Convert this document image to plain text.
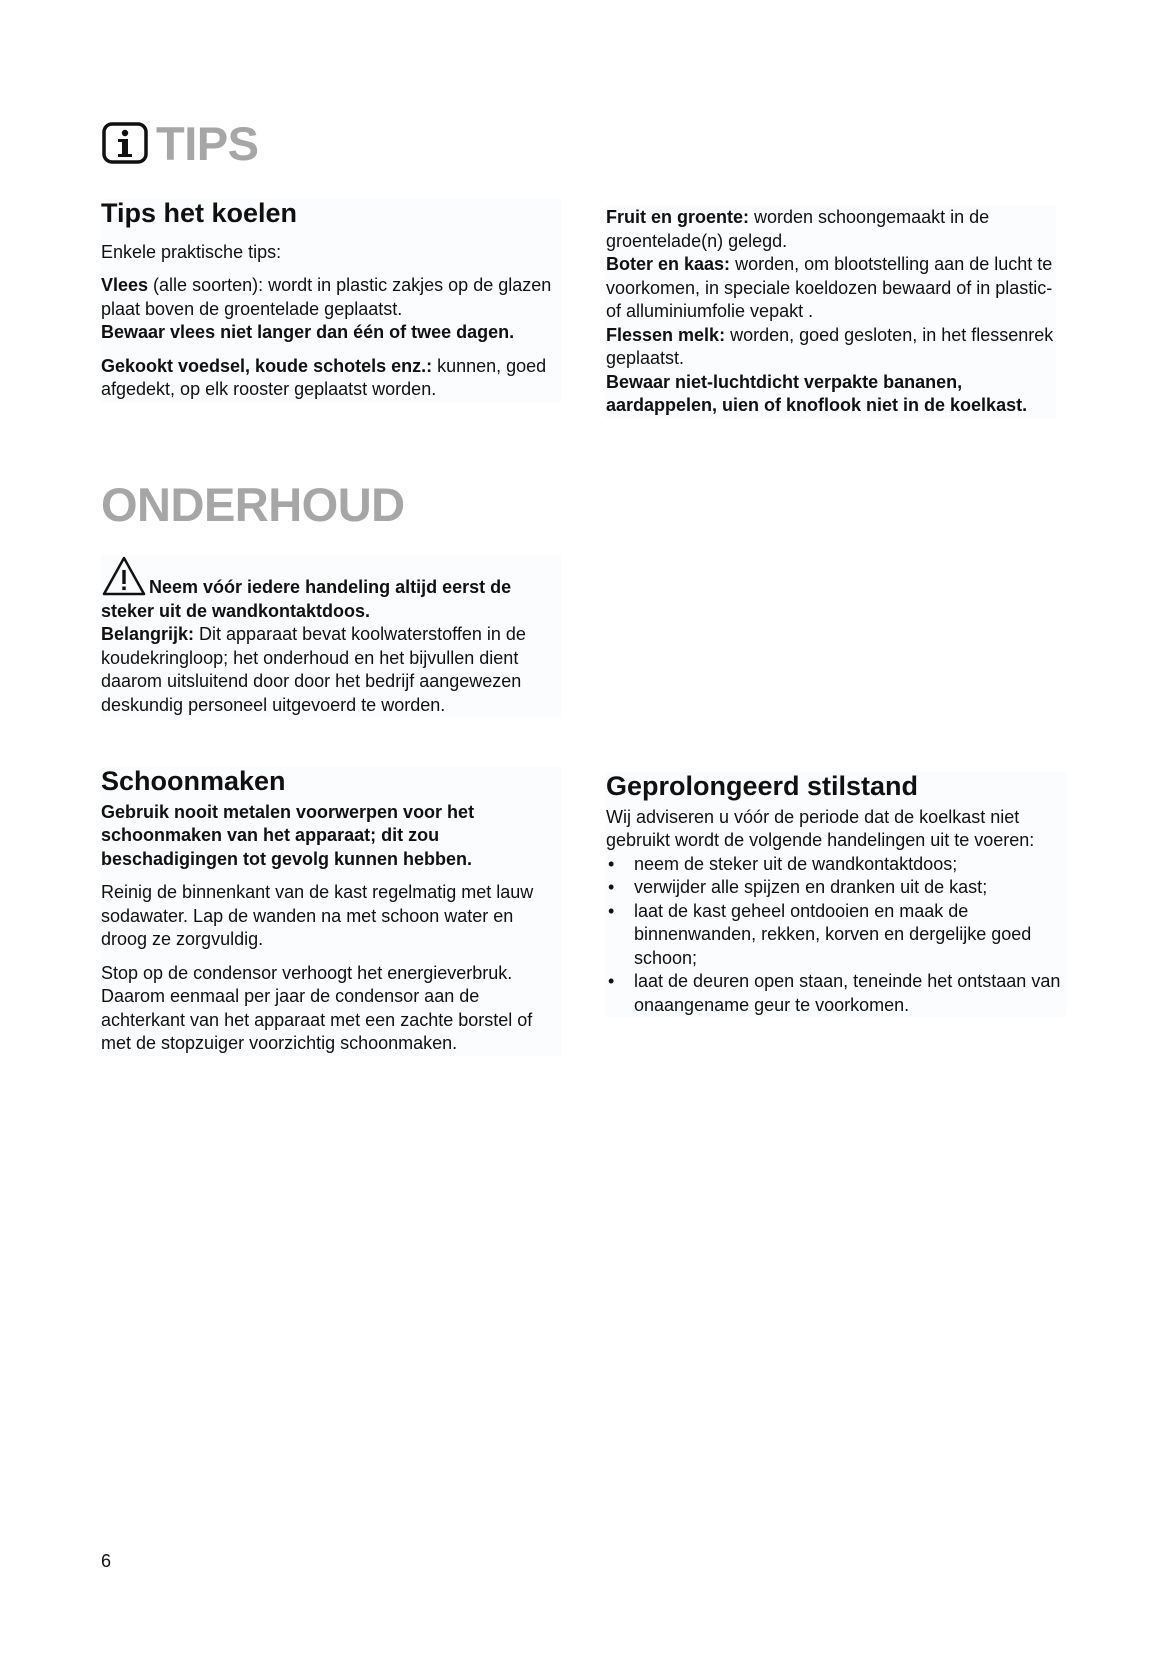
TIPS
Tips het koelen

Enkele praktische tips:

Vlees (alle soorten): wordt in plastic zakjes op de glazen plaat boven de groentelade geplaatst.

Bewaar vlees niet langer dan één of twee dagen.

Gekookt voedsel, koude schotels enz.: kunnen, goed afgedekt, op elk rooster geplaatst worden.

Fruit en groente: worden schoongemaakt in de groentelade(n) gelegd.

Boter en kaas: worden, om blootstelling aan de lucht te voorkomen, in speciale koeldozen bewaard of in plastic- of alluminiumfolie vepakt .

Flessen melk: worden, goed gesloten, in het flessenrek geplaatst.

Bewaar niet-luchtdicht verpakte bananen, aardappelen, uien of knoflook niet in de koelkast.

ONDERHOUD

Neem vóór iedere handeling altijd eerst de steker uit de wandkontaktdoos.

Belangrijk: Dit apparaat bevat koolwaterstoffen in de koudekringloop; het onderhoud en het bijvullen dient daarom uitsluitend door door het bedrijf aangewezen deskundig personeel uitgevoerd te worden.

Schoonmaken

Gebruik nooit metalen voorwerpen voor het schoonmaken van het apparaat; dit zou beschadigingen tot gevolg kunnen hebben.

Reinig de binnenkant van de kast regelmatig met lauw sodawater. Lap de wanden na met schoon water en droog ze zorgvuldig.

Stop op de condensor verhoogt het energieverbruk. Daarom eenmaal per jaar de condensor aan de achterkant van het apparaat met een zachte borstel of met de stopzuiger voorzichtig schoonmaken.

Geprolongeerd stilstand

Wij adviseren u vóór de periode dat de koelkast niet gebruikt wordt de volgende handelingen uit te voeren:

• neem de steker uit de wandkontaktdoos;
• verwijder alle spijzen en dranken uit de kast;
• laat de kast geheel ontdooien en maak de binnenwanden, rekken, korven en dergelijke goed schoon;
• laat de deuren open staan, teneinde het ontstaan van onaangename geur te voorkomen.
6
